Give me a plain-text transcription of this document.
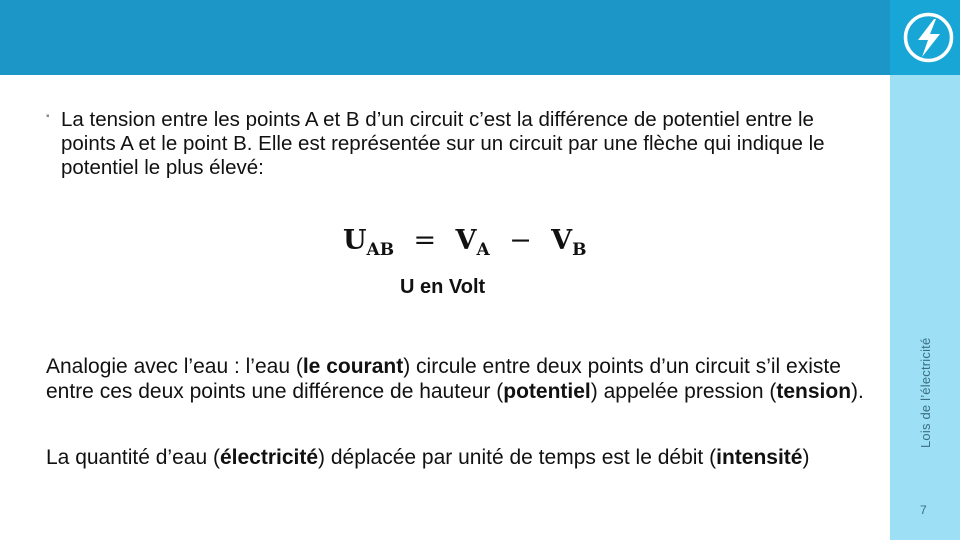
Lois de l’électricité
7
▪ La tension entre les points A et B d’un circuit c’est la différence de potentiel entre le points A et le point B. Elle est représentée sur un circuit par une flèche qui indique le potentiel le plus élevé:
$U_{AB} = V_A - V_B$
U en Volt
Analogie avec l’eau : l’eau (le courant) circule entre deux points d’un circuit s’il existe entre ces deux points une différence de hauteur (potentiel) appelée pression (tension).
La quantité d’eau (électricité) déplacée par unité de temps est le débit (intensité)
